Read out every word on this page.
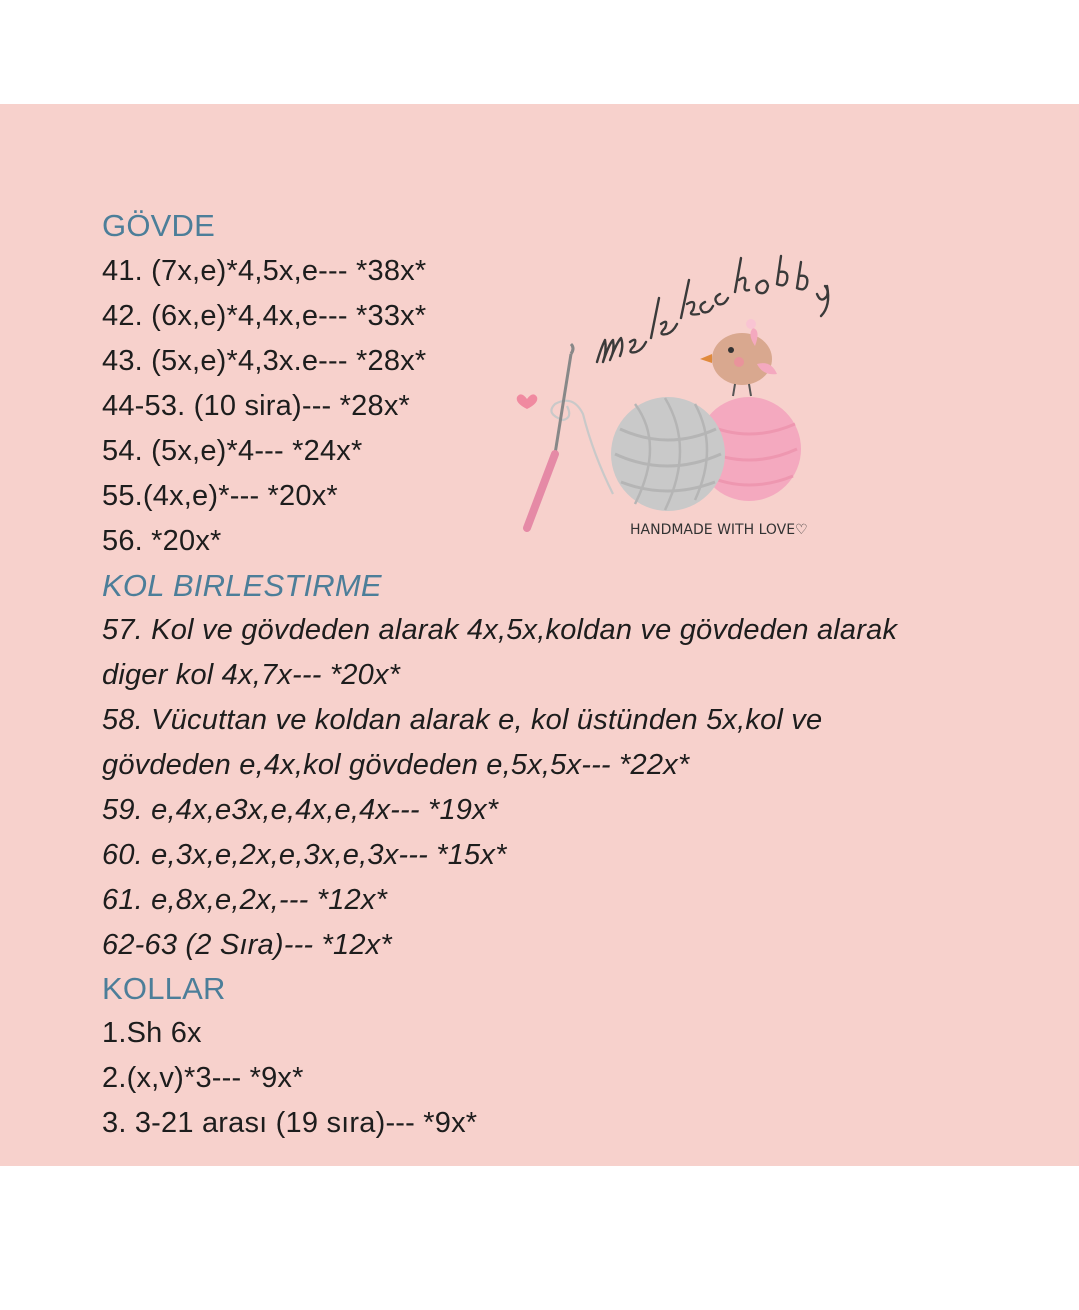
GÖVDE
41. (7x,e)*4,5x,e--- *38x*
42. (6x,e)*4,4x,e--- *33x*
43. (5x,e)*4,3x.e--- *28x*
44-53. (10 sira)--- *28x*
54. (5x,e)*4--- *24x*
55.(4x,e)*--- *20x*
56. *20x*
KOL BIRLESTIRME
57. Kol ve gövdeden alarak 4x,5x,koldan ve gövdeden alarak
diger kol 4x,7x--- *20x*
58. Vücuttan ve koldan alarak e, kol üstünden 5x,kol ve
gövdeden e,4x,kol gövdeden e,5x,5x--- *22x*
59. e,4x,e3x,e,4x,e,4x--- *19x*
60. e,3x,e,2x,e,3x,e,3x--- *15x*
61. e,8x,e,2x,--- *12x*
62-63 (2 Sıra)--- *12x*
KOLLAR
1.Sh 6x
2.(x,v)*3--- *9x*
3. 3-21 arası (19 sıra)--- *9x*
HANDMADE WITH LOVE♡
